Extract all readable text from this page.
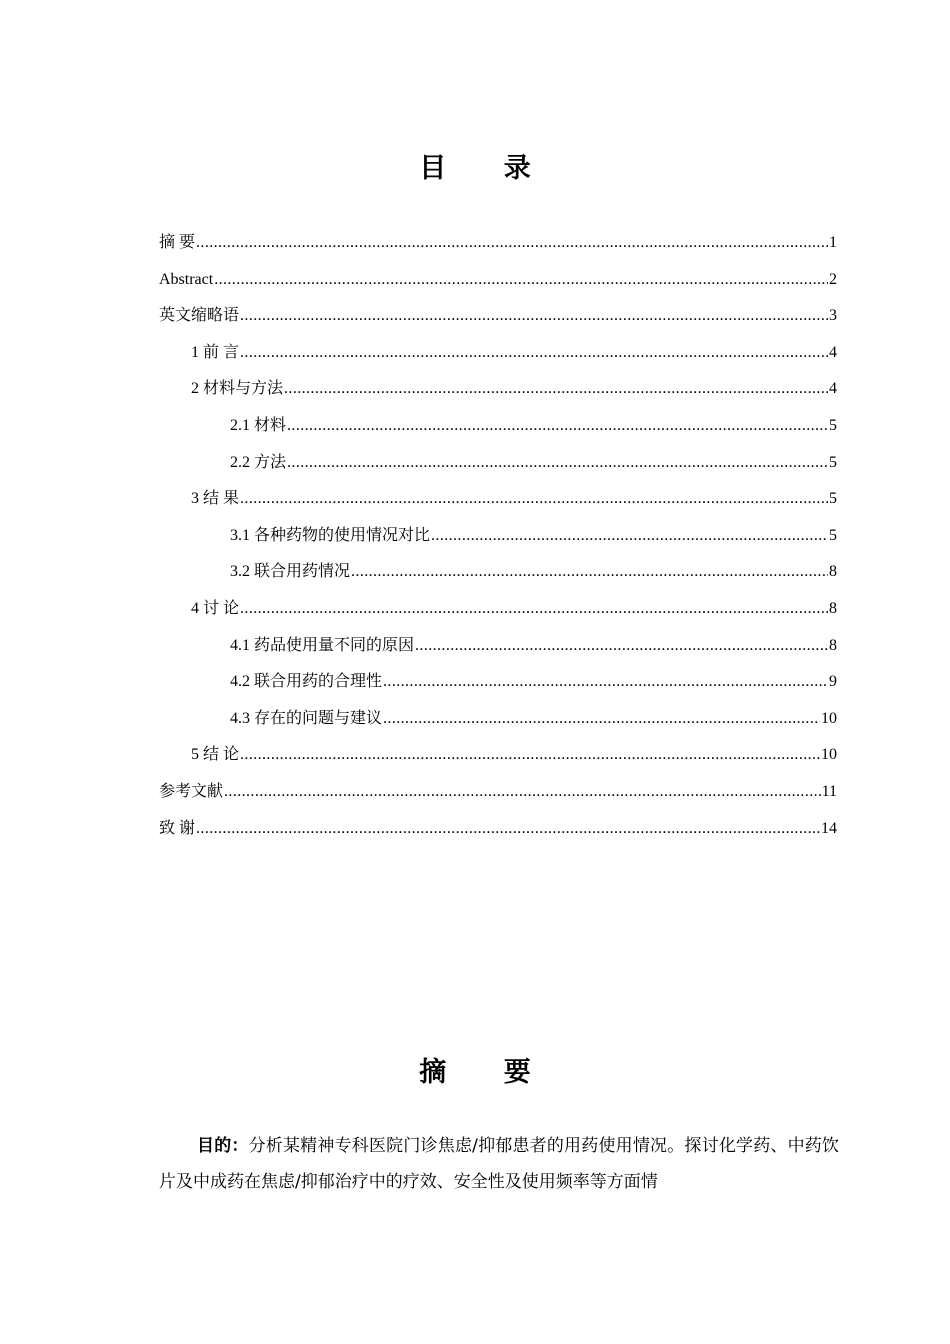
目 录
摘 要 .....	1
Abstract .....	2
英文缩略语 .....	3
1 前 言 .....	4
2 材料与方法 .....	4
2.1 材料 .....	5
2.2 方法 .....	5
3 结 果 .....	5
3.1 各种药物的使用情况对比 .....	5
3.2 联合用药情况 .....	8
4 讨 论 .....	8
4.1 药品使用量不同的原因 .....	8
4.2 联合用药的合理性 .....	9
4.3 存在的问题与建议 .....	10
5 结 论 .....	10
参考文献 .....	11
致 谢 .....	14
摘 要

目的：分析某精神专科医院门诊焦虑/抑郁患者的用药使用情况。探讨化学药、中药饮片及中成药在焦虑/抑郁治疗中的疗效、安全性及使用频率等方面情
